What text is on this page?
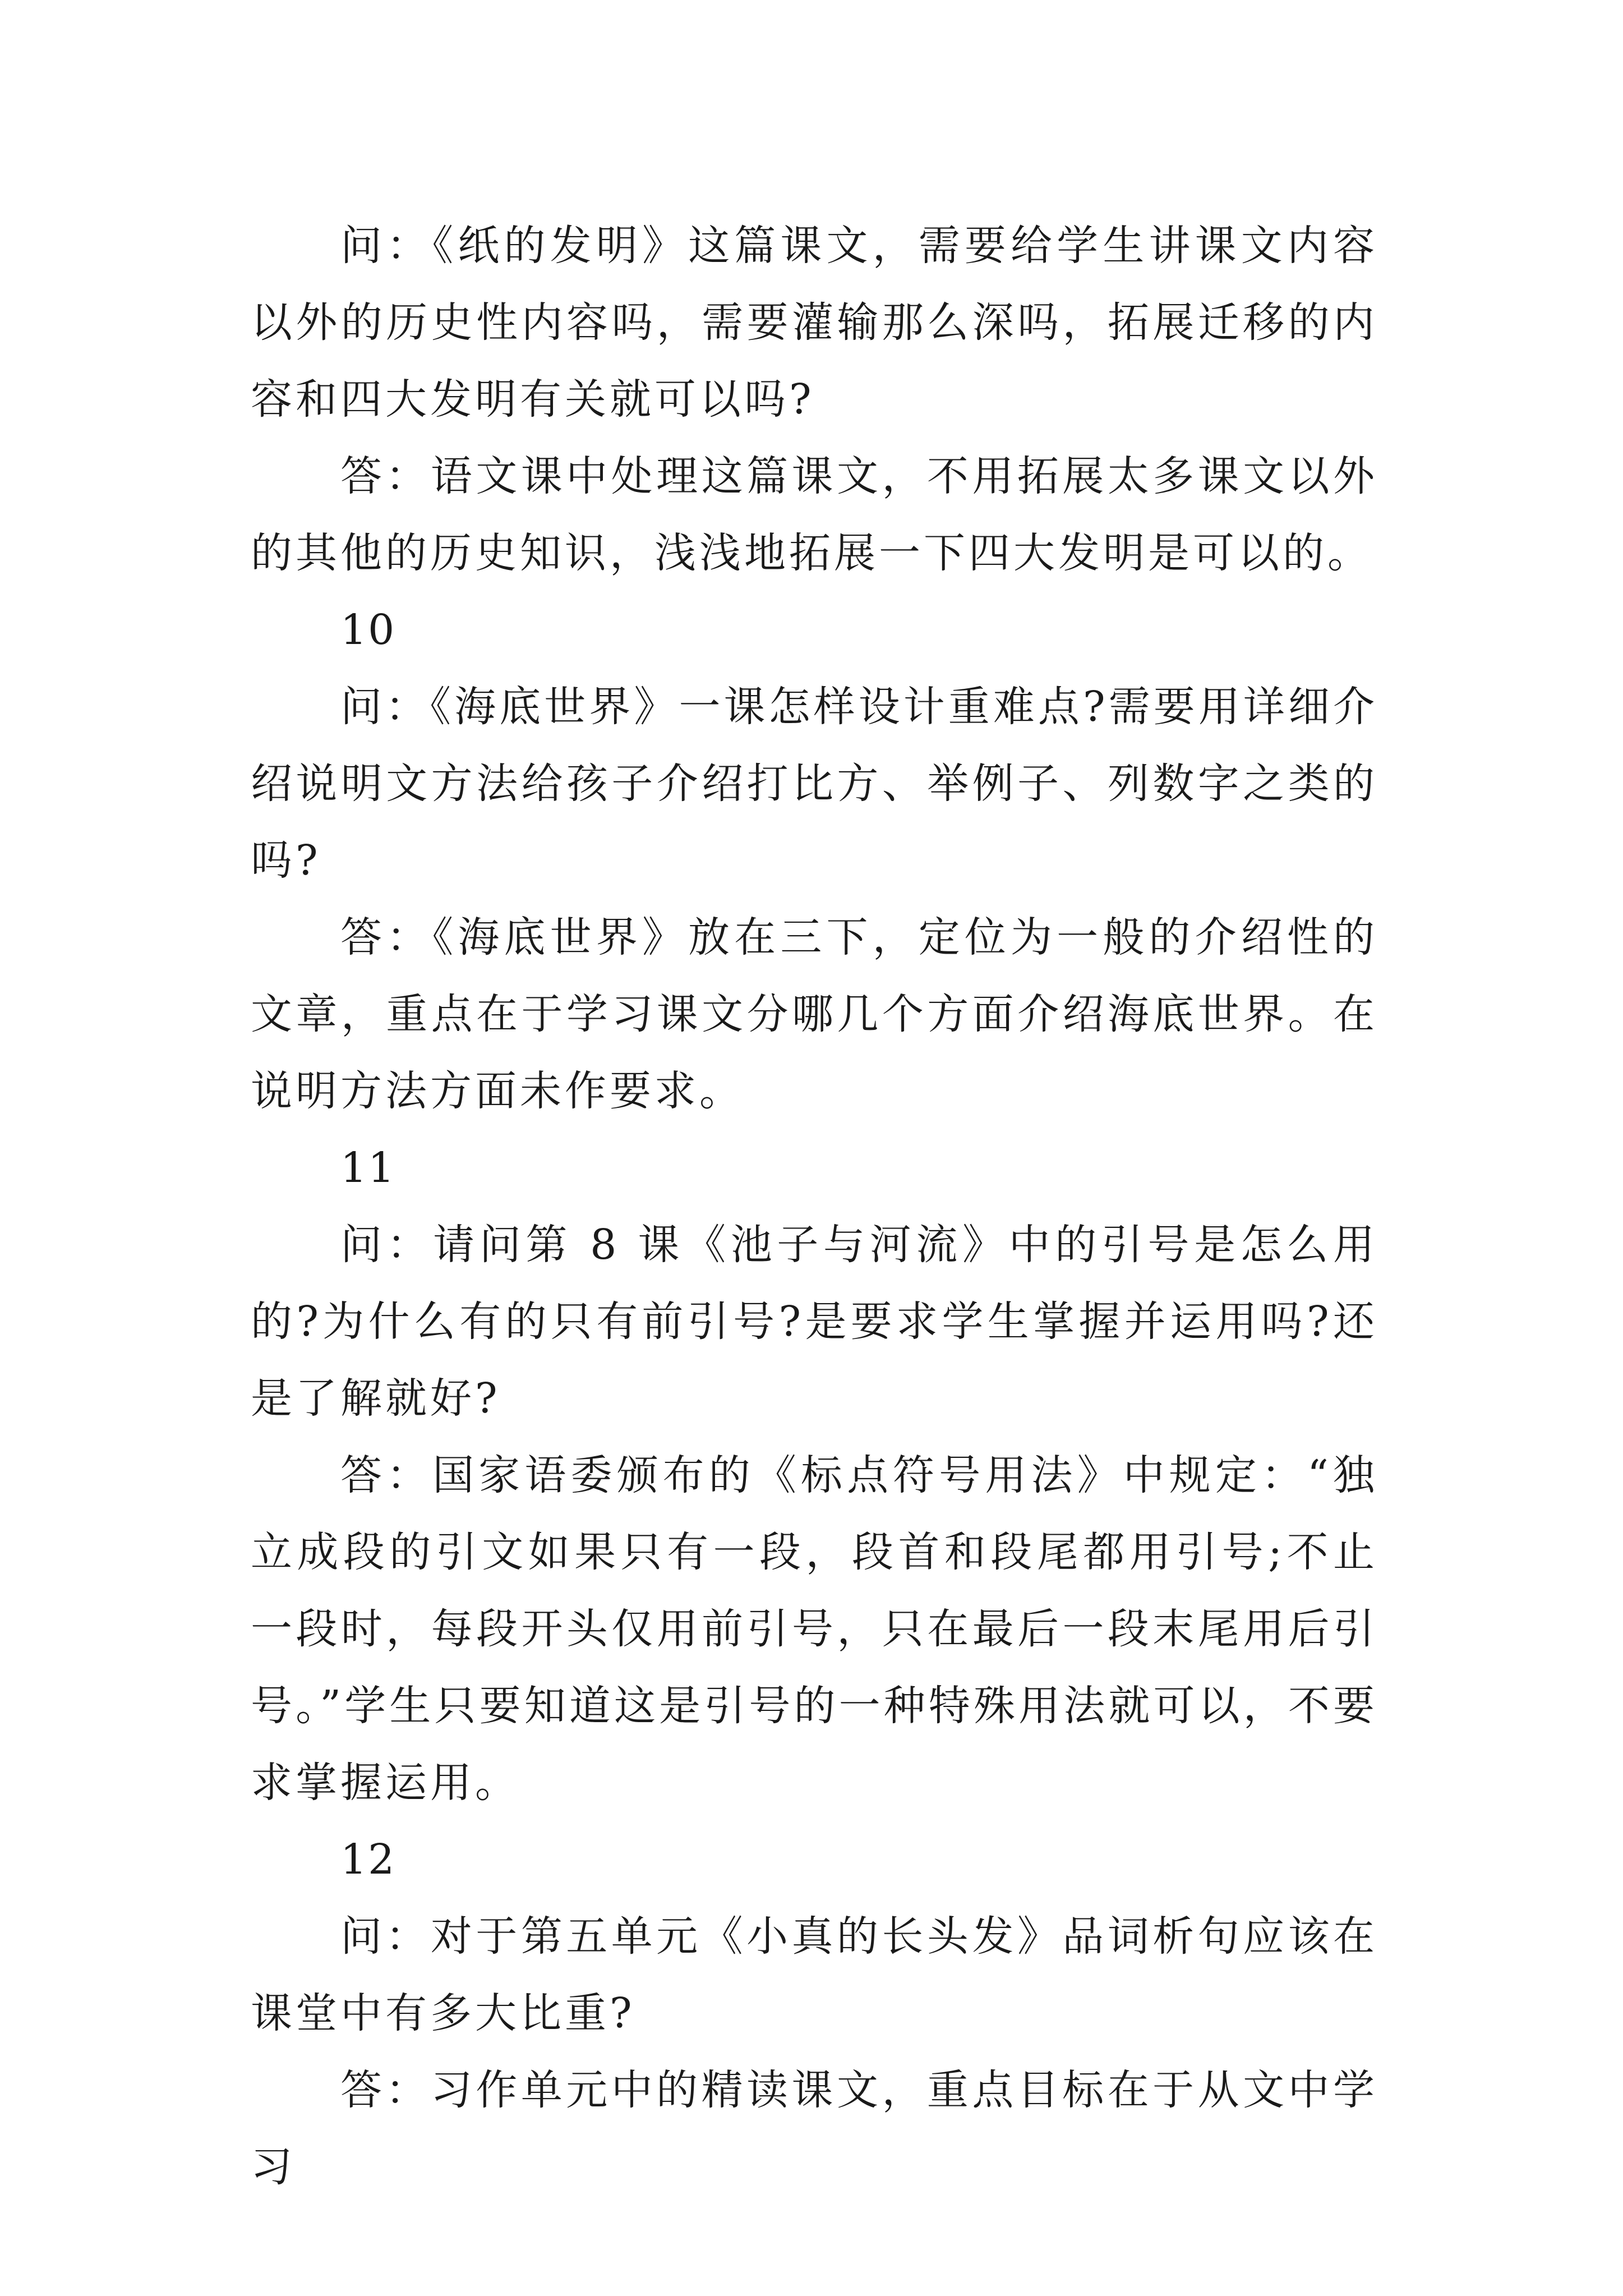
问：《纸的发明》这篇课文，需要给学生讲课文内容以外的历史性内容吗，需要灌输那么深吗，拓展迁移的内容和四大发明有关就可以吗?

答：语文课中处理这篇课文，不用拓展太多课文以外的其他的历史知识，浅浅地拓展一下四大发明是可以的。

10

问：《海底世界》一课怎样设计重难点?需要用详细介绍说明文方法给孩子介绍打比方、举例子、列数字之类的吗?

答：《海底世界》放在三下，定位为一般的介绍性的文章，重点在于学习课文分哪几个方面介绍海底世界。在说明方法方面未作要求。

11

问：请问第 8 课《池子与河流》中的引号是怎么用的?为什么有的只有前引号?是要求学生掌握并运用吗?还是了解就好?

答：国家语委颁布的《标点符号用法》中规定：“独立成段的引文如果只有一段，段首和段尾都用引号;不止一段时，每段开头仅用前引号，只在最后一段末尾用后引号。”学生只要知道这是引号的一种特殊用法就可以，不要求掌握运用。

12

问：对于第五单元《小真的长头发》品词析句应该在课堂中有多大比重?

答：习作单元中的精读课文，重点目标在于从文中学习
